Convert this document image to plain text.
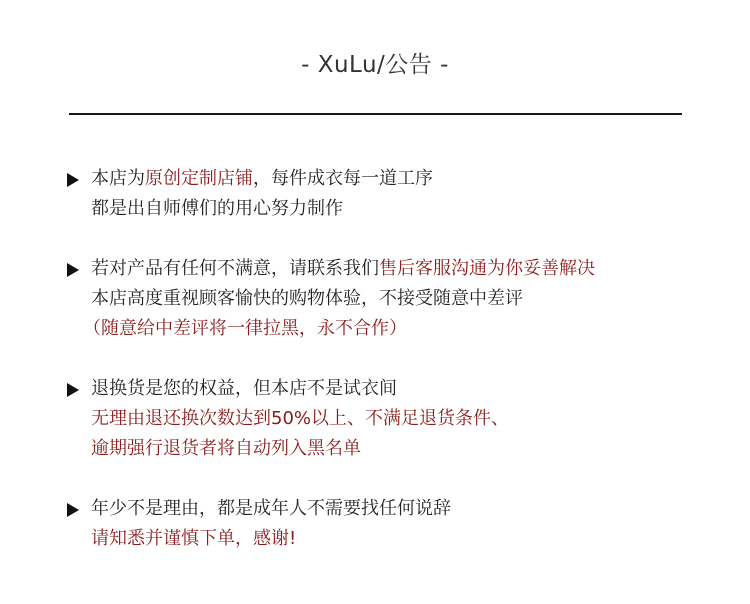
- XuLu/公告 -
本店为原创定制店铺，每件成衣每一道工序
都是出自师傅们的用心努力制作
若对产品有任何不满意，请联系我们售后客服沟通为你妥善解决
本店高度重视顾客愉快的购物体验，不接受随意中差评
（随意给中差评将一律拉黑，永不合作）
退换货是您的权益，但本店不是试衣间
无理由退还换次数达到50%以上、不满足退货条件、
逾期强行退货者将自动列入黑名单
年少不是理由，都是成年人不需要找任何说辞
请知悉并谨慎下单，感谢!
